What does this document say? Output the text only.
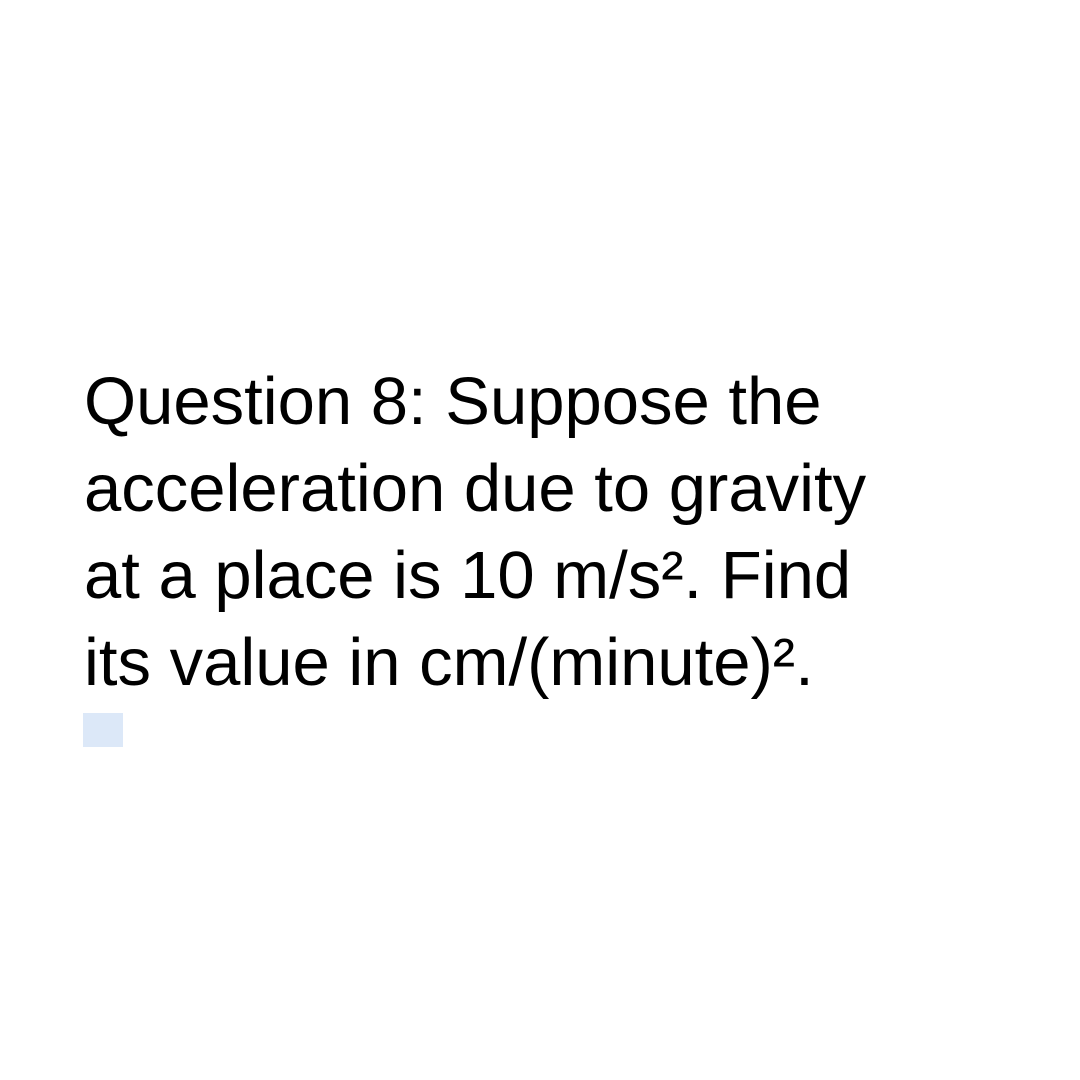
Question 8: Suppose the
acceleration due to gravity
at a place is 10 m/s². Find
its value in cm/(minute)².
